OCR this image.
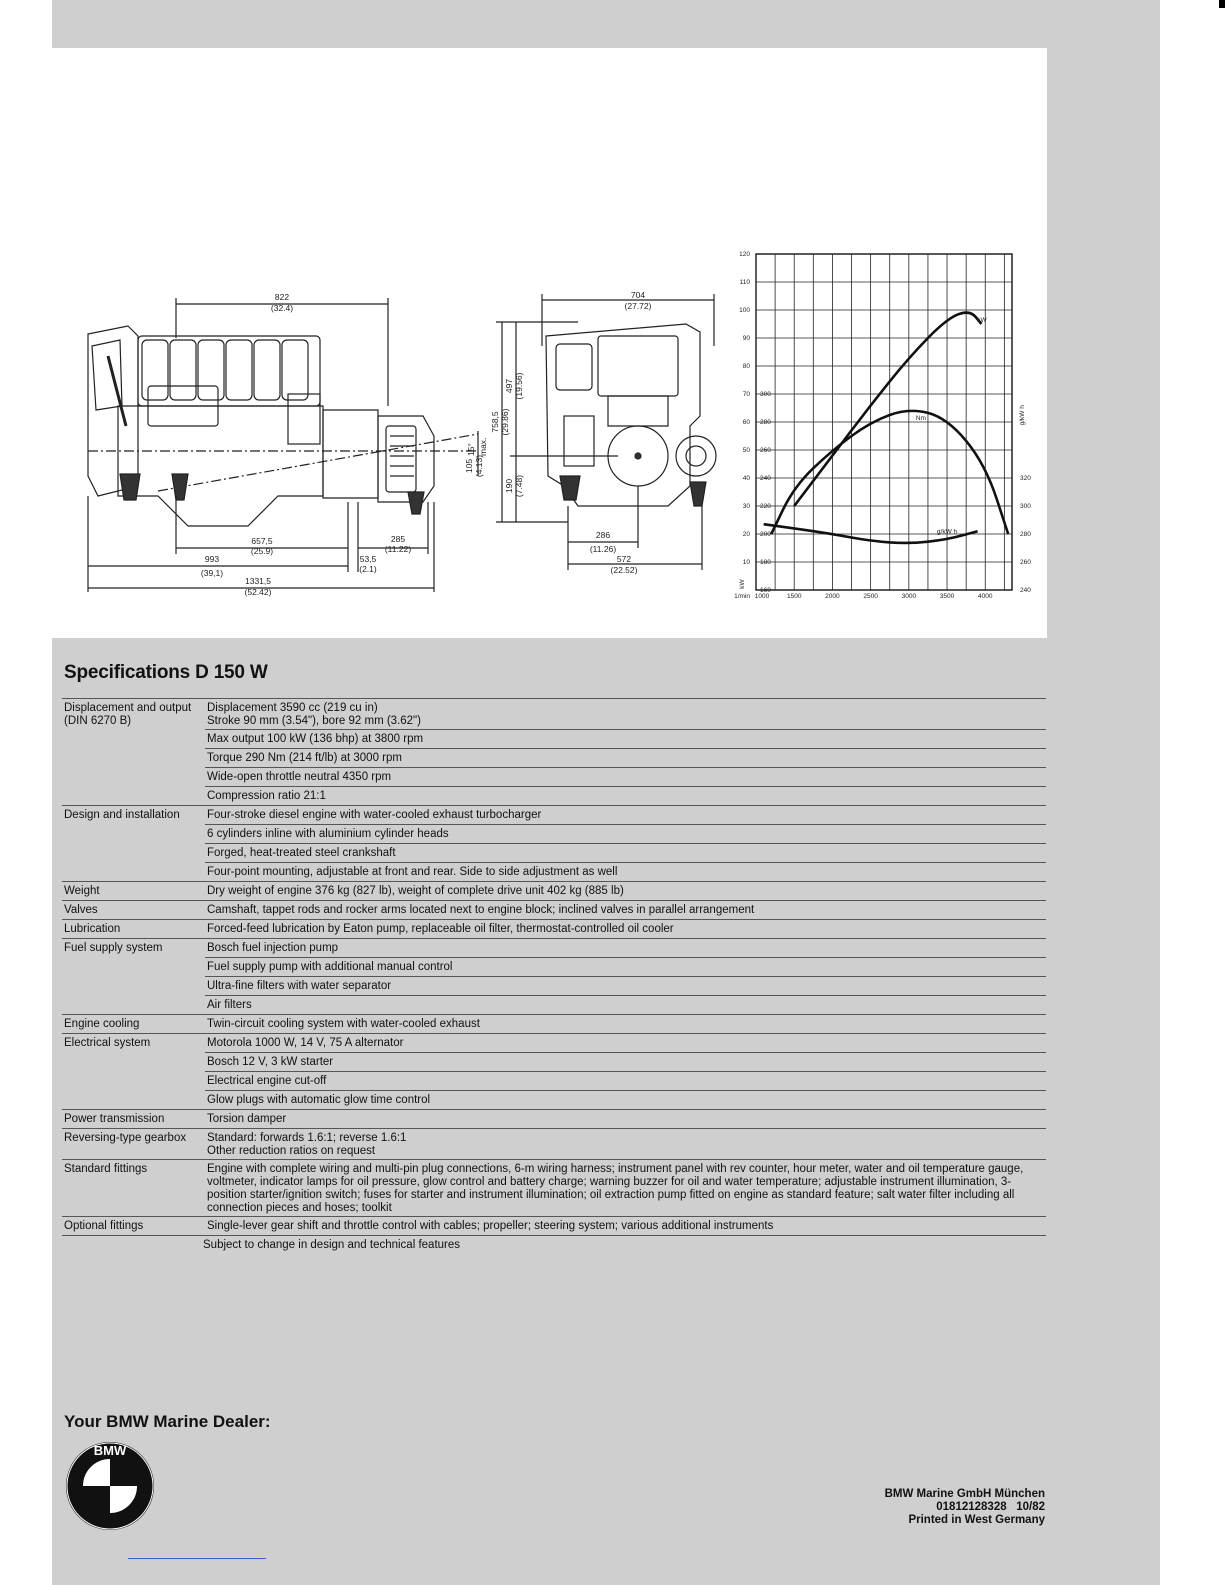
822
(32.4)
657,5
(25.9)
285
(11.22)
993
(39,1)
53,5
(2.1)
1331,5
(52.42)
15° max.
704
(27.72)
286
(11.26)
572
(22.52)
758,5 (29.86)
497 (19.56)
190 (7.48)
105 (4.13)
10
20
30
40
50
60
70
80
90
100
110
120
160
180
200
220
240
260
280
300
240
260
280
300
320
1000	1500	2000	2500	3000	3500	4000
1/min
kW
g/kW h
kW
Nm
g/kW h
Specifications D 150 W
Displacement and output (DIN 6270 B)
Displacement 3590 cc (219 cu in)
Stroke 90 mm (3.54"), bore 92 mm (3.62")
Max output 100 kW (136 bhp) at 3800 rpm
Torque 290 Nm (214 ft/lb) at 3000 rpm
Wide-open throttle neutral 4350 rpm
Compression ratio 21:1
Design and installation	Four-stroke diesel engine with water-cooled exhaust turbocharger
6 cylinders inline with aluminium cylinder heads
Forged, heat-treated steel crankshaft
Four-point mounting, adjustable at front and rear. Side to side adjustment as well
Weight	Dry weight of engine 376 kg (827 lb), weight of complete drive unit 402 kg (885 lb)
Valves	Camshaft, tappet rods and rocker arms located next to engine block; inclined valves in parallel arrangement
Lubrication	Forced-feed lubrication by Eaton pump, replaceable oil filter, thermostat-controlled oil cooler
Fuel supply system	Bosch fuel injection pump
Fuel supply pump with additional manual control
Ultra-fine filters with water separator
Air filters
Engine cooling	Twin-circuit cooling system with water-cooled exhaust
Electrical system	Motorola 1000 W, 14 V, 75 A alternator
Bosch 12 V, 3 kW starter
Electrical engine cut-off
Glow plugs with automatic glow time control
Power transmission	Torsion damper
Reversing-type gearbox	Standard: forwards 1.6:1; reverse 1.6:1
Other reduction ratios on request
Standard fittings	Engine with complete wiring and multi-pin plug connections, 6-m wiring harness; instrument panel with rev counter, hour meter, water and oil temperature gauge, voltmeter, indicator lamps for oil pressure, glow control and battery charge; warning buzzer for oil and water temperature; adjustable instrument illumination, 3-position starter/ignition switch; fuses for starter and instrument illumination; oil extraction pump fitted on engine as standard feature; salt water filter including all connection pieces and hoses; toolkit
Optional fittings	Single-lever gear shift and throttle control with cables; propeller; steering system; various additional instruments
Subject to change in design and technical features
Your BMW Marine Dealer:
BMW
BMW Marine GmbH München
01812128328 10/82
Printed in West Germany
